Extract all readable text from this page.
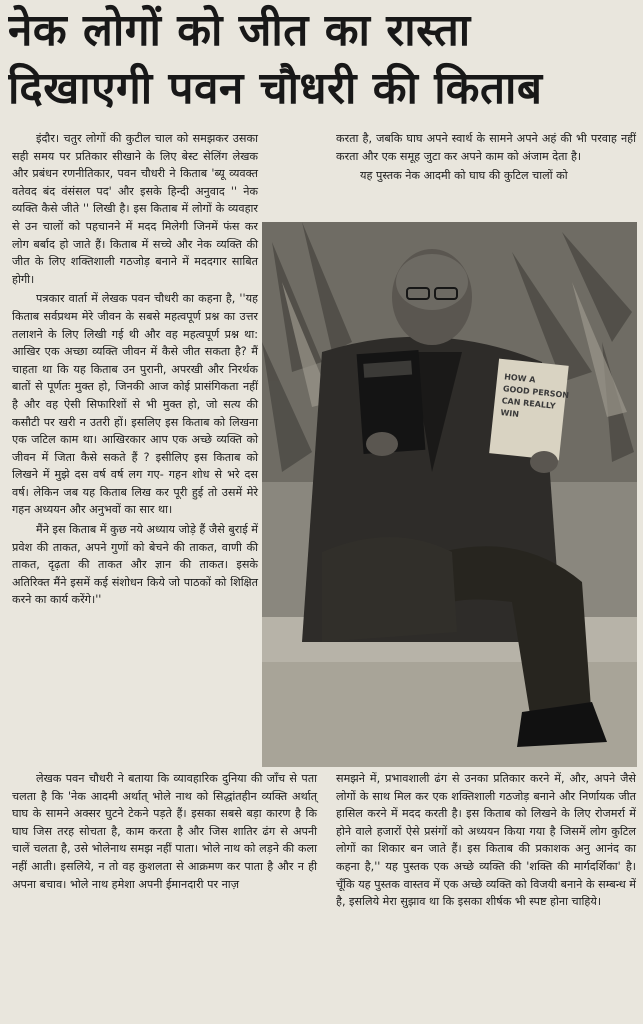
नेक लोगों को जीत का रास्ता
दिखाएगी पवन चौधरी की किताब

इंदौर। चतुर लोगों की कुटील चाल को समझकर उसका सही समय पर प्रतिकार सीखाने के लिए बेस्ट सेलिंग लेखक और प्रबंधन रणनीतिकार, पवन चौधरी ने किताब 'ब्यू व्यवक्त वतेवद बंद वंसंसल पद' और इसके हिन्दी अनुवाद '' नेक व्यक्ति कैसे जीते '' लिखी है। इस किताब में लोगों के व्यवहार से उन चालों को पहचानने में मदद मिलेगी जिनमें फंस कर लोग बर्बाद हो जाते हैं। किताब में सच्चे और नेक व्यक्ति की जीत के लिए शक्तिशाली गठजोड़ बनाने में मददगार साबित होगी।

पत्रकार वार्ता में लेखक पवन चौधरी का कहना है, ''यह किताब सर्वप्रथम मेरे जीवन के सबसे महत्वपूर्ण प्रश्न का उत्तर तलाशने के लिए लिखी गई थी और वह महत्वपूर्ण प्रश्न था: आखिर एक अच्छा व्यक्ति जीवन में कैसे जीत सकता है? मैं चाहता था कि यह किताब उन पुरानी, अपरखी और निरर्थक बातों से पूर्णतः मुक्त हो, जिनकी आज कोई प्रासंगिकता नहीं है और वह ऐसी सिफारिशों से भी मुक्त हो, जो सत्य की कसौटी पर खरी न उतरी हों। इसलिए इस किताब को लिखना एक जटिल काम था। आखिरकार आप एक अच्छे व्यक्ति को जीवन में जिता कैसे सकते हैं ? इसीलिए इस किताब को लिखने में मुझे दस वर्ष वर्ष लग गए- गहन शोध से भरे दस वर्ष। लेकिन जब यह किताब लिख कर पूरी हुई तो उसमें मेरे गहन अध्ययन और अनुभवों का सार था।

मैंने इस किताब में कुछ नये अध्याय जोड़े हैं जैसे बुराई में प्रवेश की ताकत, अपने गुणों को बेचने की ताकत, वाणी की ताकत, दृढ़ता की ताकत और ज्ञान की ताकत। इसके अतिरिक्त मैंने इसमें कई संशोधन किये जो पाठकों को शिक्षित करने का कार्य करेंगे।''

लेखक पवन चौधरी ने बताया कि व्यावहारिक दुनिया की जाँच से पता चलता है कि 'नेक आदमी अर्थात् भोले नाथ को सिद्धांतहीन व्यक्ति अर्थात् घाघ के सामने अक्सर घुटने टेकने पड़ते हैं। इसका सबसे बड़ा कारण है कि घाघ जिस तरह सोचता है, काम करता है और जिस शातिर ढंग से अपनी चालें चलता है, उसे भोलेनाथ समझ नहीं पाता। भोले नाथ को लड़ने की कला नहीं आती। इसलिये, न तो वह कुशलता से आक्रमण कर पाता है और न ही अपना बचाव। भोले नाथ हमेशा अपनी ईमानदारी पर नाज़

करता है, जबकि घाघ अपने स्वार्थ के सामने अपने अहं की भी परवाह नहीं करता और एक समूह जुटा कर अपने काम को अंजाम देता है।

यह पुस्तक नेक आदमी को घाघ की कुटिल चालों को

HOW A
GOOD PERSON
CAN REALLY
WIN

समझने में, प्रभावशाली ढंग से उनका प्रतिकार करने में, और, अपने जैसे लोगों के साथ मिल कर एक शक्तिशाली गठजोड़ बनाने और निर्णायक जीत हासिल करने में मदद करती है। इस किताब को लिखने के लिए रोजमर्रा में होने वाले हजारों ऐसे प्रसंगों को अध्ययन किया गया है जिसमें लोग कुटिल लोगों का शिकार बन जाते हैं। इस किताब की प्रकाशक अनु आनंद का कहना है,'' यह पुस्तक एक अच्छे व्यक्ति की 'शक्ति की मार्गदर्शिका' है। चूँकि यह पुस्तक वास्तव में एक अच्छे व्यक्ति को विजयी बनाने के सम्बन्ध में है, इसलिये मेरा सुझाव था कि इसका शीर्षक भी स्पष्ट होना चाहिये।
